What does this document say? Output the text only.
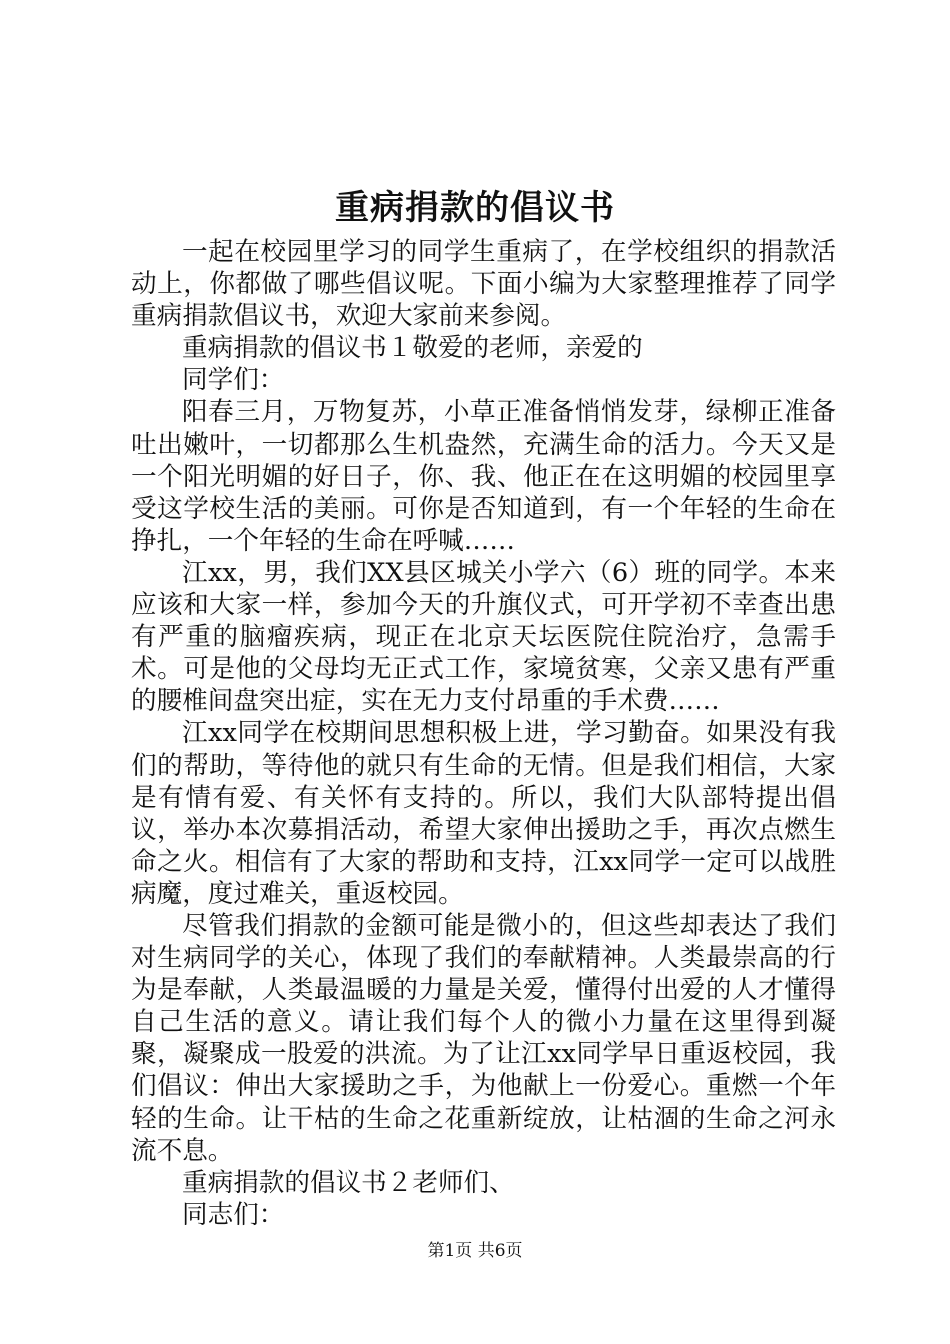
重病捐款的倡议书

一起在校园里学习的同学生重病了，在学校组织的捐款活动上，你都做了哪些倡议呢。下面小编为大家整理推荐了同学重病捐款倡议书，欢迎大家前来参阅。

重病捐款的倡议书１敬爱的老师，亲爱的

同学们：

阳春三月，万物复苏，小草正准备悄悄发芽，绿柳正准备吐出嫩叶，一切都那么生机盎然，充满生命的活力。今天又是一个阳光明媚的好日子，你、我、他正在在这明媚的校园里享受这学校生活的美丽。可你是否知道到，有一个年轻的生命在挣扎，一个年轻的生命在呼喊……

江xx，男，我们XX县区城关小学六（6）班的同学。本来应该和大家一样，参加今天的升旗仪式，可开学初不幸查出患有严重的脑瘤疾病，现正在北京天坛医院住院治疗，急需手术。可是他的父母均无正式工作，家境贫寒，父亲又患有严重的腰椎间盘突出症，实在无力支付昂重的手术费……

江xx同学在校期间思想积极上进，学习勤奋。如果没有我们的帮助，等待他的就只有生命的无情。但是我们相信，大家是有情有爱、有关怀有支持的。所以，我们大队部特提出倡议，举办本次募捐活动，希望大家伸出援助之手，再次点燃生命之火。相信有了大家的帮助和支持，江xx同学一定可以战胜病魔，度过难关，重返校园。

尽管我们捐款的金额可能是微小的，但这些却表达了我们对生病同学的关心，体现了我们的奉献精神。人类最崇高的行为是奉献，人类最温暖的力量是关爱，懂得付出爱的人才懂得自己生活的意义。请让我们每个人的微小力量在这里得到凝聚，凝聚成一股爱的洪流。为了让江xx同学早日重返校园，我们倡议：伸出大家援助之手，为他献上一份爱心。重燃一个年轻的生命。让干枯的生命之花重新绽放，让枯涸的生命之河永流不息。

重病捐款的倡议书２老师们、

同志们：

第1页 共6页
